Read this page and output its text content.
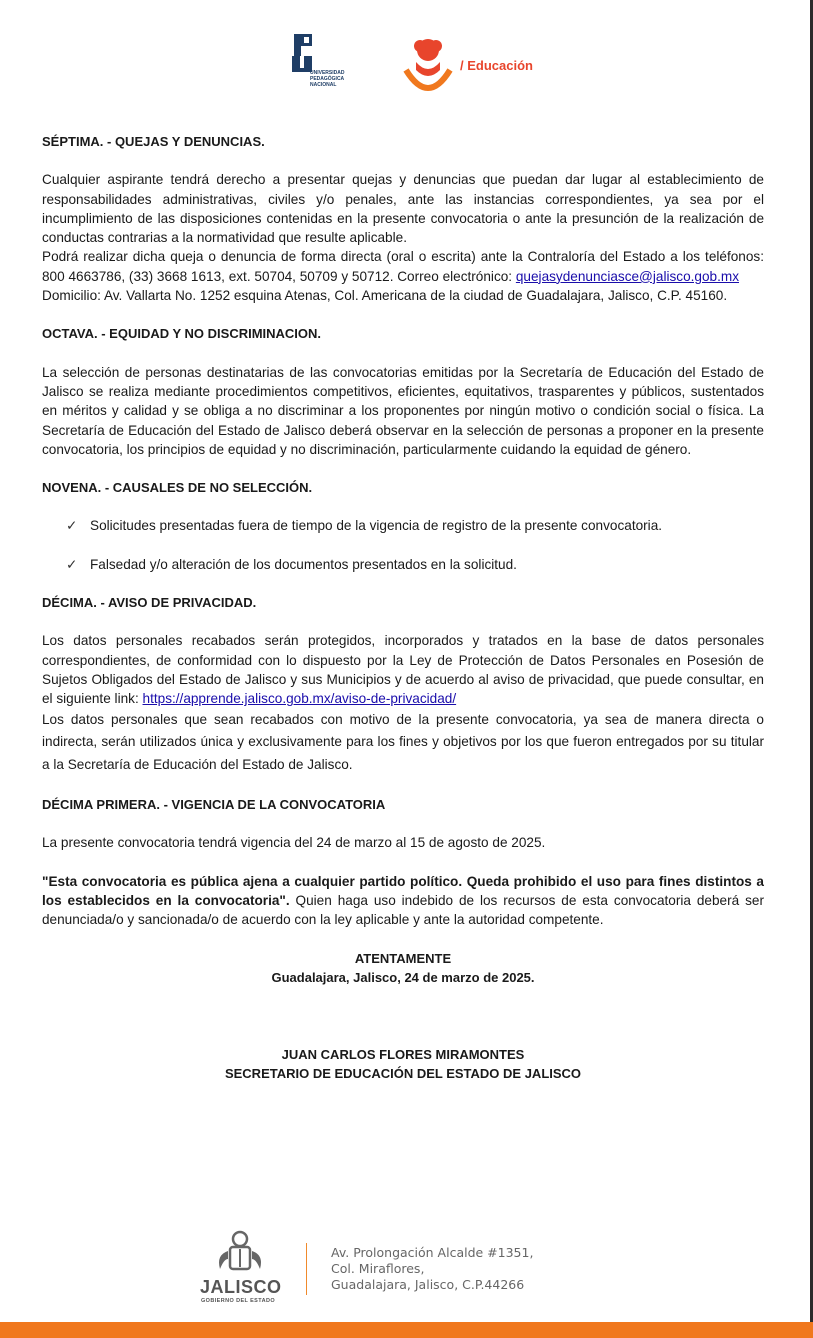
UNIVERSIDAD PEDAGÓGICA NACIONAL
/ Educación

SÉPTIMA. - QUEJAS Y DENUNCIAS.

Cualquier aspirante tendrá derecho a presentar quejas y denuncias que puedan dar lugar al establecimiento de responsabilidades administrativas, civiles y/o penales, ante las instancias correspondientes, ya sea por el incumplimiento de las disposiciones contenidas en la presente convocatoria o ante la presunción de la realización de conductas contrarias a la normatividad que resulte aplicable.

Podrá realizar dicha queja o denuncia de forma directa (oral o escrita) ante la Contraloría del Estado a los teléfonos: 800 4663786, (33) 3668 1613, ext. 50704, 50709 y 50712. Correo electrónico: quejasydenunciasce@jalisco.gob.mx

Domicilio: Av. Vallarta No. 1252 esquina Atenas, Col. Americana de la ciudad de Guadalajara, Jalisco, C.P. 45160.

OCTAVA. - EQUIDAD Y NO DISCRIMINACION.

La selección de personas destinatarias de las convocatorias emitidas por la Secretaría de Educación del Estado de Jalisco se realiza mediante procedimientos competitivos, eficientes, equitativos, trasparentes y públicos, sustentados en méritos y calidad y se obliga a no discriminar a los proponentes por ningún motivo o condición social o física. La Secretaría de Educación del Estado de Jalisco deberá observar en la selección de personas a proponer en la presente convocatoria, los principios de equidad y no discriminación, particularmente cuidando la equidad de género.

NOVENA. - CAUSALES DE NO SELECCIÓN.

✓ Solicitudes presentadas fuera de tiempo de la vigencia de registro de la presente convocatoria.
✓ Falsedad y/o alteración de los documentos presentados en la solicitud.

DÉCIMA. - AVISO DE PRIVACIDAD.

Los datos personales recabados serán protegidos, incorporados y tratados en la base de datos personales correspondientes, de conformidad con lo dispuesto por la Ley de Protección de Datos Personales en Posesión de Sujetos Obligados del Estado de Jalisco y sus Municipios y de acuerdo al aviso de privacidad, que puede consultar, en el siguiente link: https://apprende.jalisco.gob.mx/aviso-de-privacidad/

Los datos personales que sean recabados con motivo de la presente convocatoria, ya sea de manera directa o indirecta, serán utilizados única y exclusivamente para los fines y objetivos por los que fueron entregados por su titular a la Secretaría de Educación del Estado de Jalisco.

DÉCIMA PRIMERA. - VIGENCIA DE LA CONVOCATORIA

La presente convocatoria tendrá vigencia del 24 de marzo al 15 de agosto de 2025.

"Esta convocatoria es pública ajena a cualquier partido político. Queda prohibido el uso para fines distintos a los establecidos en la convocatoria". Quien haga uso indebido de los recursos de esta convocatoria deberá ser denunciada/o y sancionada/o de acuerdo con la ley aplicable y ante la autoridad competente.

ATENTAMENTE
Guadalajara, Jalisco, 24 de marzo de 2025.
JUAN CARLOS FLORES MIRAMONTES
SECRETARIO DE EDUCACIÓN DEL ESTADO DE JALISCO
JALISCO
GOBIERNO DEL ESTADO
Av. Prolongación Alcalde #1351,
Col. Miraflores,
Guadalajara, Jalisco, C.P.44266
